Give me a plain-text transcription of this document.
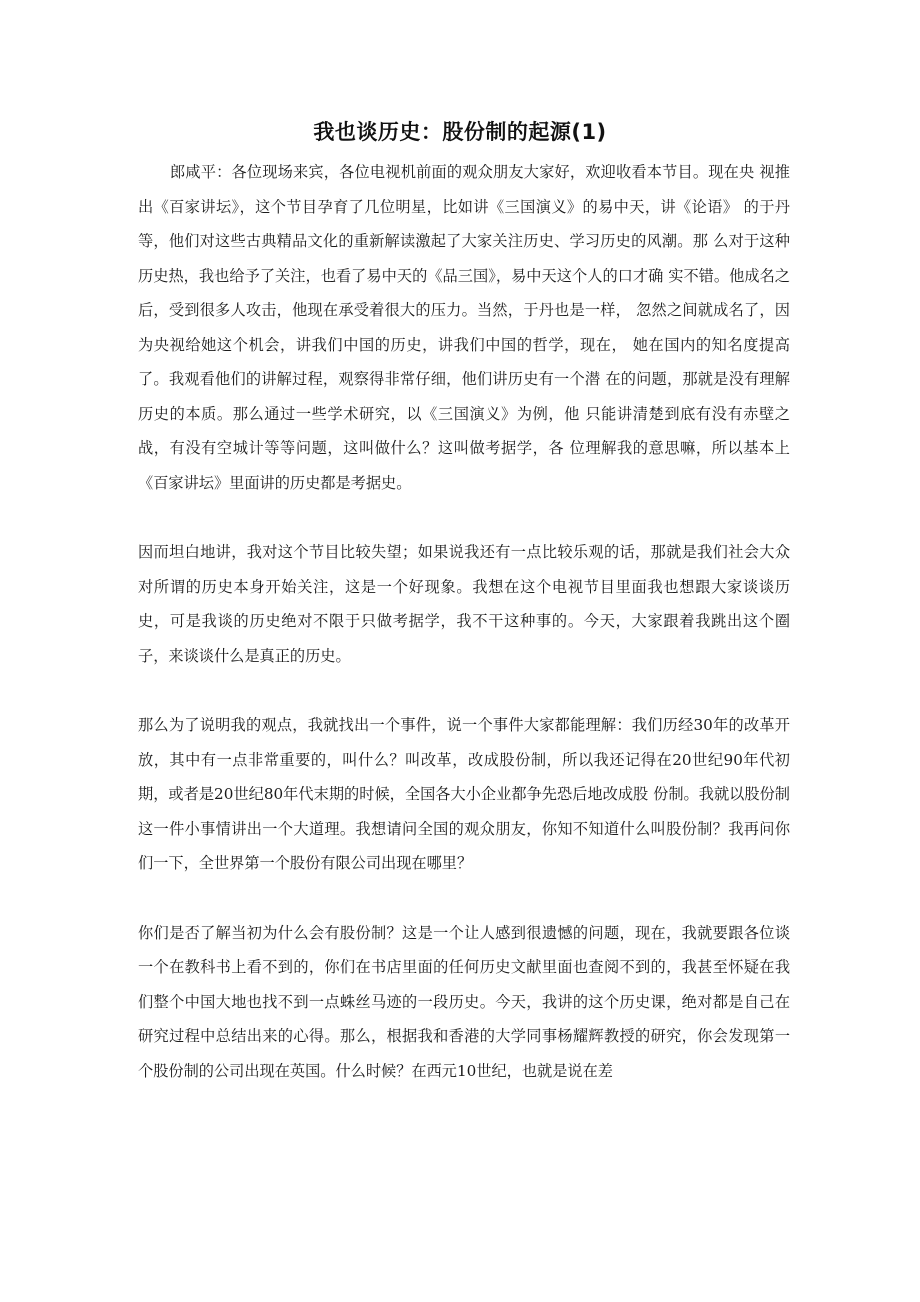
我也谈历史：股份制的起源(1)

郎咸平：各位现场来宾，各位电视机前面的观众朋友大家好，欢迎收看本节目。现在央 视推出《百家讲坛》，这个节目孕育了几位明星，比如讲《三国演义》的易中天，讲《论语》 的于丹等，他们对这些古典精品文化的重新解读激起了大家关注历史、学习历史的风潮。那 么对于这种历史热，我也给予了关注，也看了易中天的《品三国》，易中天这个人的口才确 实不错。他成名之后，受到很多人攻击，他现在承受着很大的压力。当然，于丹也是一样， 忽然之间就成名了，因为央视给她这个机会，讲我们中国的历史，讲我们中国的哲学，现在， 她在国内的知名度提高了。我观看他们的讲解过程，观察得非常仔细，他们讲历史有一个潜 在的问题，那就是没有理解历史的本质。那么通过一些学术研究，以《三国演义》为例，他 只能讲清楚到底有没有赤壁之战，有没有空城计等等问题，这叫做什么？这叫做考据学，各 位理解我的意思嘛，所以基本上《百家讲坛》里面讲的历史都是考据史。

因而坦白地讲，我对这个节目比较失望；如果说我还有一点比较乐观的话，那就是我们社会大众对所谓的历史本身开始关注，这是一个好现象。我想在这个电视节目里面我也想跟大家谈谈历史，可是我谈的历史绝对不限于只做考据学，我不干这种事的。今天，大家跟着我跳出这个圈子，来谈谈什么是真正的历史。

那么为了说明我的观点，我就找出一个事件，说一个事件大家都能理解：我们历经30年的改革开放，其中有一点非常重要的，叫什么？叫改革，改成股份制，所以我还记得在20世纪90年代初期，或者是20世纪80年代末期的时候，全国各大小企业都争先恐后地改成股 份制。我就以股份制这一件小事情讲出一个大道理。我想请问全国的观众朋友，你知不知道什么叫股份制？我再问你们一下，全世界第一个股份有限公司出现在哪里？

你们是否了解当初为什么会有股份制？这是一个让人感到很遗憾的问题，现在，我就要跟各位谈一个在教科书上看不到的，你们在书店里面的任何历史文献里面也查阅不到的，我甚至怀疑在我们整个中国大地也找不到一点蛛丝马迹的一段历史。今天，我讲的这个历史课，绝对都是自己在研究过程中总结出来的心得。那么，根据我和香港的大学同事杨耀辉教授的研究，你会发现第一个股份制的公司出现在英国。什么时候？在西元10世纪，也就是说在差
